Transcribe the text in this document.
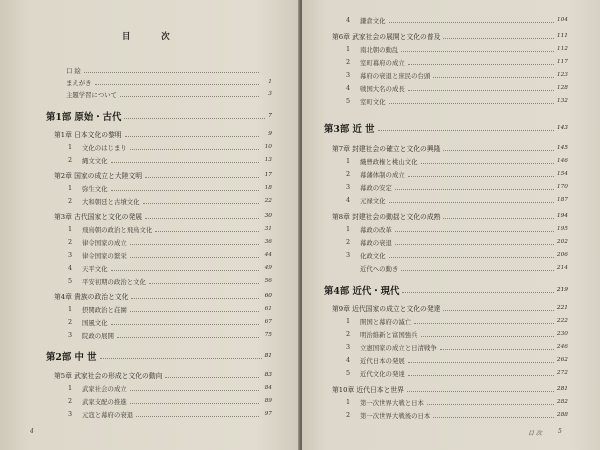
目 次
口 絵
まえがき	1
主題学習について	3
第1部 原始・古代	7
第1章 日本文化の黎明	9
1	文化のはじまり	10
2	縄文文化	13
第2章 国家の成立と大陸文明	17
1	弥生文化	18
2	大和朝廷と古墳文化	22
第3章 古代国家と文化の発展	30
1	飛鳥朝の政治と飛鳥文化	31
2	律令国家の成立	36
3	律令国家の繁栄	44
4	天平文化	49
5	平安初期の政治と文化	56
第4章 貴族の政治と文化	60
1	摂関政治と荘園	61
2	国風文化	67
3	院政の展開	75
第2部 中 世	81
第5章 武家社会の形成と文化の動向	83
1	武家社会の成立	84
2	武家支配の推進	89
3	元寇と幕府の衰退	97
4
4	鎌倉文化	104
第6章 武家社会の展開と文化の普及	111
1	南北朝の動乱	112
2	室町幕府の成立	117
3	幕府の衰退と庶民の台頭	123
4	戦国大名の成長	128
5	室町文化	132
第3部 近 世	143
第7章 封建社会の確立と文化の興隆	145
1	織豊政権と桃山文化	146
2	幕藩体制の成立	154
3	幕政の安定	170
4	元禄文化	187
第8章 封建社会の動揺と文化の成熟	194
1	幕政の改革	195
2	幕政の衰退	202
3	化政文化	206
近代への動き	214
第4部 近代・現代	219
第9章 近代国家の成立と文化の発達	221
1	開国と幕府の滅亡	222
2	明治維新と富国強兵	230
3	立憲国家の成立と日清戦争	246
4	近代日本の発展	262
5	近代文化の発達	272
第10章 近代日本と世界	281
1	第一次世界大戦と日本	282
2	第一次世界大戦後の日本	288
目 次	5
